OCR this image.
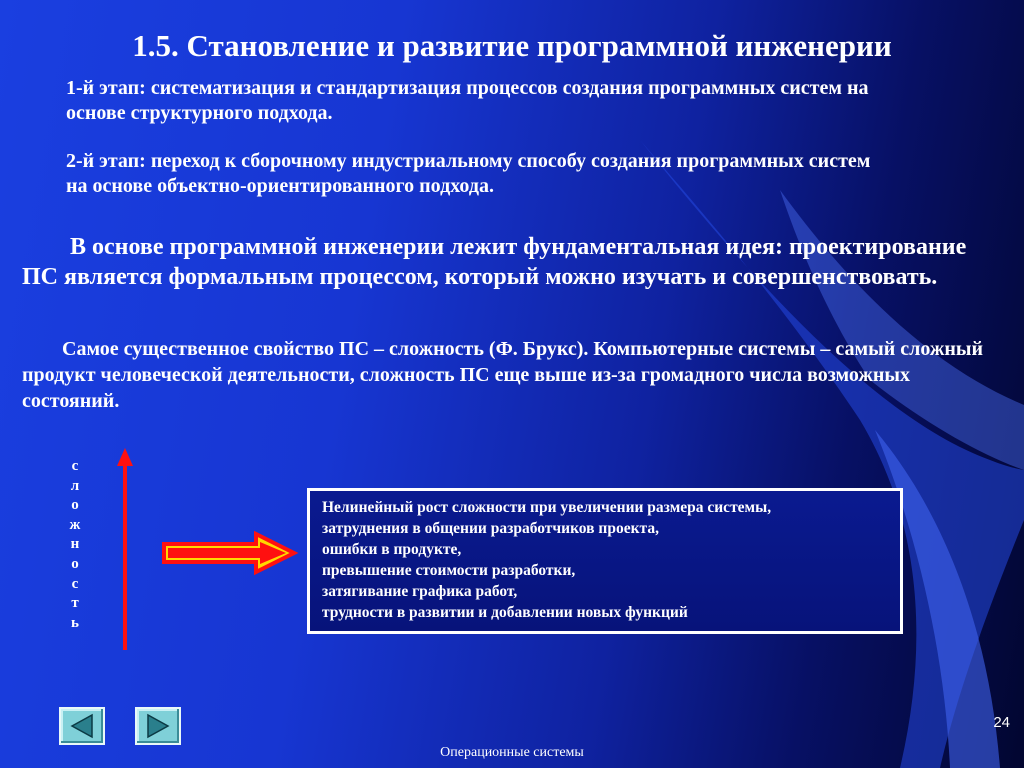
1.5. Становление и развитие программной инженерии
1-й этап: систематизация и стандартизация процессов создания программных систем на основе структурного подхода.
2-й этап: переход к сборочному индустриальному способу создания программных систем на основе объектно-ориентированного подхода.
В основе программной инженерии лежит фундаментальная идея: проектирование ПС является формальным процессом, который можно изучать и совершенствовать.
Самое существенное свойство ПС – сложность (Ф. Брукс). Компьютерные системы – самый сложный продукт человеческой деятельности, сложность ПС еще выше из-за громадного числа возможных состояний.
с
л
о
ж
н
о
с
т
ь
Нелинейный рост сложности при увеличении размера системы,
затруднения в общении разработчиков проекта,
ошибки в продукте,
превышение стоимости разработки,
затягивание графика работ,
трудности в развитии и добавлении новых функций
24
Операционные системы
